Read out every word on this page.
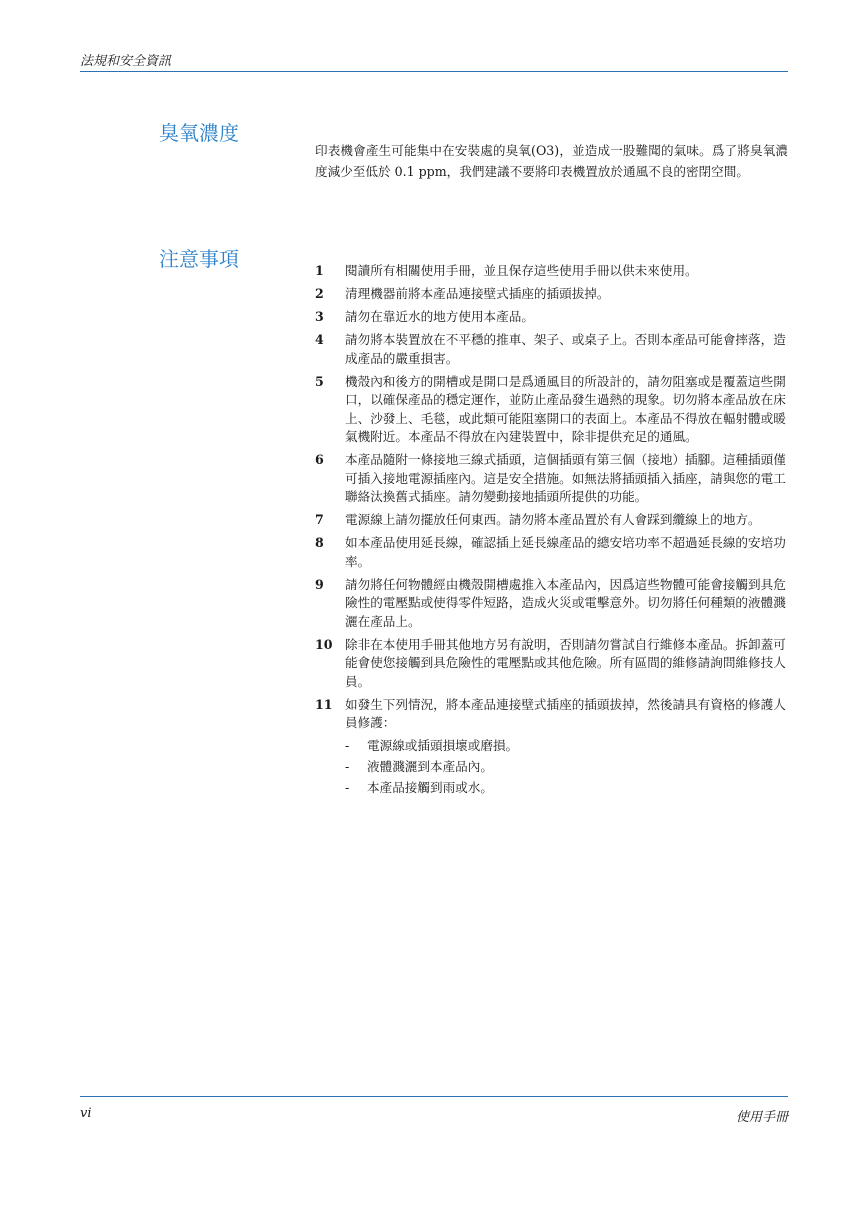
法規和安全資訊
臭氧濃度

印表機會產生可能集中在安裝處的臭氧(O3)，並造成一股難聞的氣味。爲了將臭氧濃度減少至低於 0.1 ppm，我們建議不要將印表機置放於通風不良的密閉空間。

注意事項	1 閱讀所有相關使用手冊，並且保存這些使用手冊以供未來使用。
2 清理機器前將本產品連接壁式插座的插頭拔掉。
3 請勿在靠近水的地方使用本產品。
4 請勿將本裝置放在不平穩的推車、架子、或桌子上。否則本產品可能會摔落，造成產品的嚴重損害。
5 機殼內和後方的開槽或是開口是爲通風目的所設計的，請勿阻塞或是覆蓋這些開口，以確保產品的穩定運作，並防止產品發生過熱的現象。切勿將本產品放在床上、沙發上、毛毯，或此類可能阻塞開口的表面上。本產品不得放在輻射體或暖氣機附近。本產品不得放在內建裝置中，除非提供充足的通風。
6 本產品隨附一條接地三線式插頭，這個插頭有第三個（接地）插腳。這種插頭僅可插入接地電源插座內。這是安全措施。如無法將插頭插入插座，請與您的電工聯絡汰換舊式插座。請勿變動接地插頭所提供的功能。
7 電源線上請勿擺放任何東西。請勿將本產品置於有人會踩到纜線上的地方。
8 如本產品使用延長線，確認插上延長線產品的總安培功率不超過延長線的安培功率。
9 請勿將任何物體經由機殼開槽處推入本產品內，因爲這些物體可能會接觸到具危險性的電壓點或使得零件短路，造成火災或電擊意外。切勿將任何種類的液體濺灑在產品上。
10 除非在本使用手冊其他地方另有說明，否則請勿嘗試自行維修本產品。拆卸蓋可能會使您接觸到具危險性的電壓點或其他危險。所有區間的維修請詢問維修技人員。
11 如發生下列情況，將本產品連接壁式插座的插頭拔掉，然後請具有資格的修護人員修護：
- 電源線或插頭損壞或磨損。
- 液體濺灑到本產品內。
- 本產品接觸到雨或水。
vi	使用手冊
